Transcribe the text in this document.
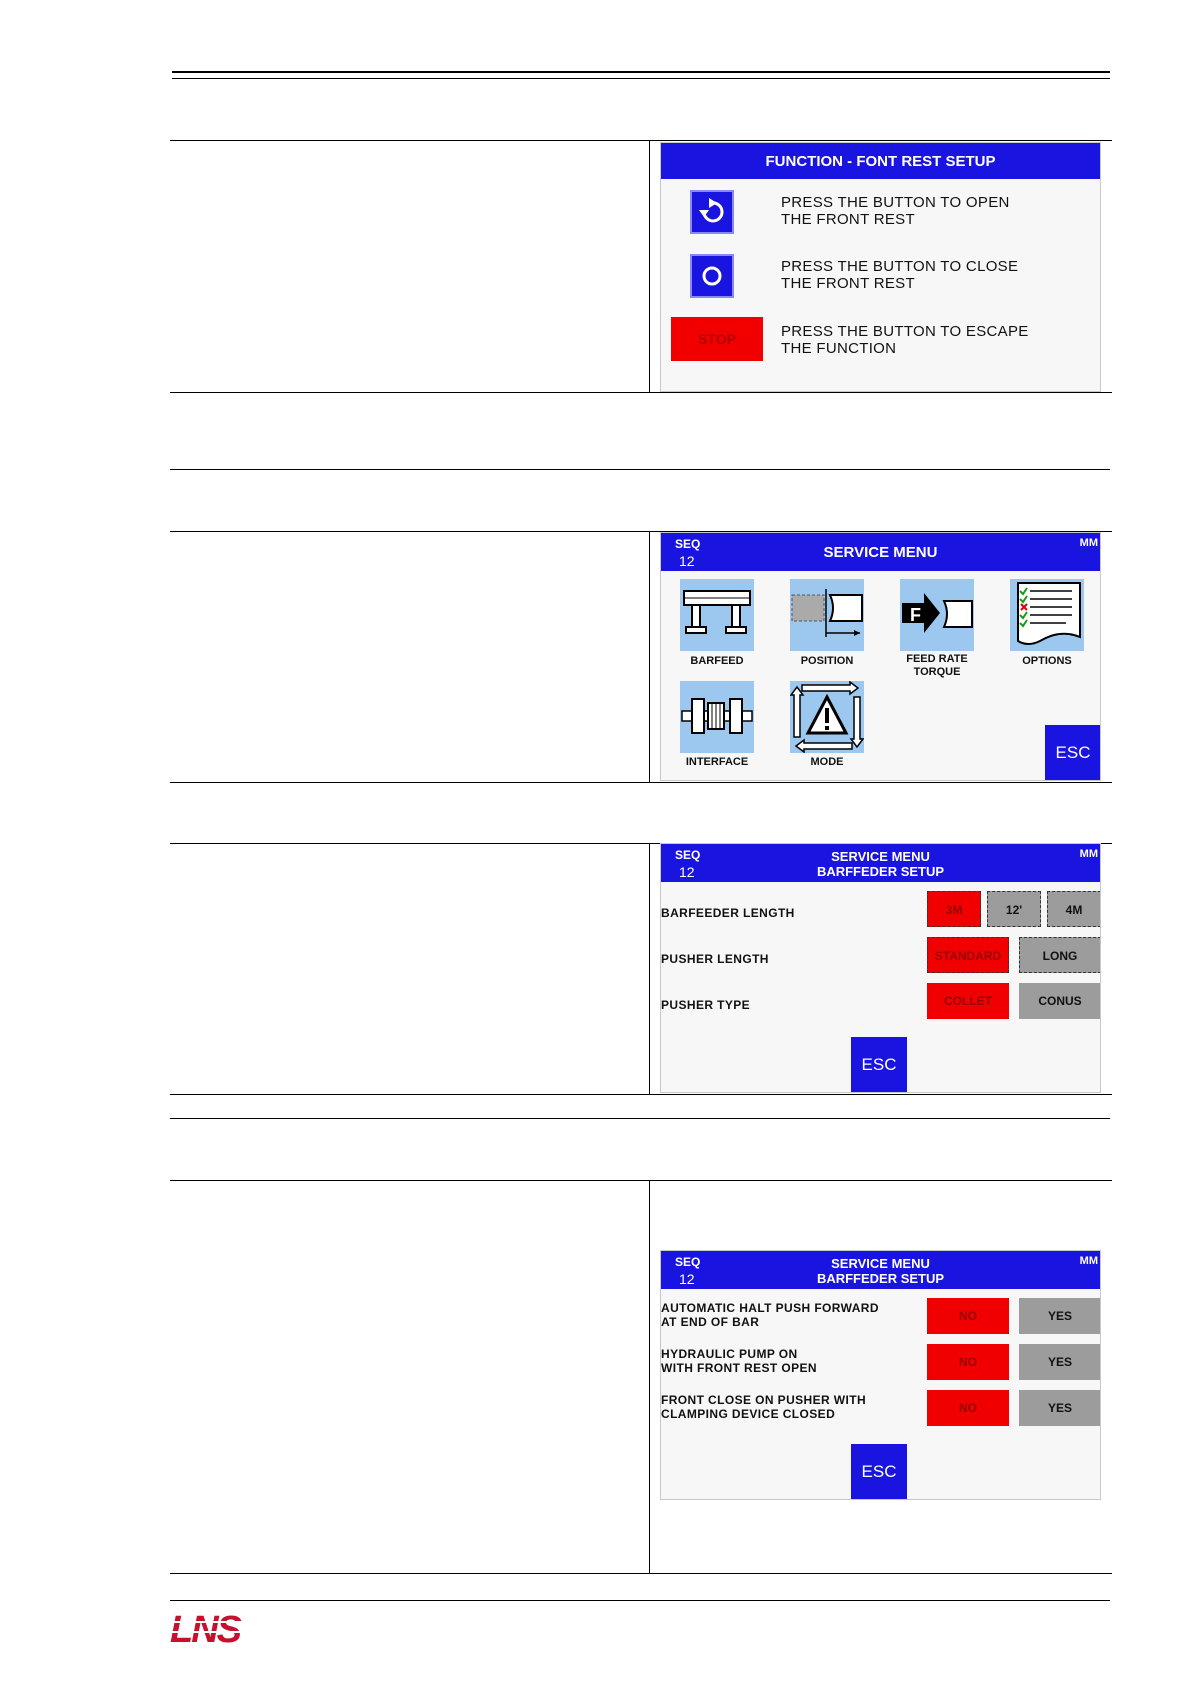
FUNCTION - FONT REST SETUP
PRESS THE BUTTON TO OPEN
THE FRONT REST
PRESS THE BUTTON TO CLOSE
THE FRONT REST
STOP	PRESS THE BUTTON TO ESCAPE
THE FUNCTION
SEQ
12	SERVICE MENU
MM
BARFEED	POSITION
F
FEED RATE
TORQUE
OPTIONS
INTERFACE	MODE	ESC
SEQ
12
SERVICE MENU
BARFFEDER SETUP
MM
BARFEEDER LENGTH	3M	12'	4M
PUSHER LENGTH	STANDARD	LONG
PUSHER TYPE	COLLET	CONUS
ESC
SEQ
12
SERVICE MENU
BARFFEDER SETUP
MM
AUTOMATIC HALT PUSH FORWARD
AT END OF BAR	NO	YES
HYDRAULIC PUMP ON
WITH FRONT REST OPEN	NO	YES
FRONT CLOSE ON PUSHER WITH
CLAMPING DEVICE CLOSED	NO	YES
ESC
LNS
